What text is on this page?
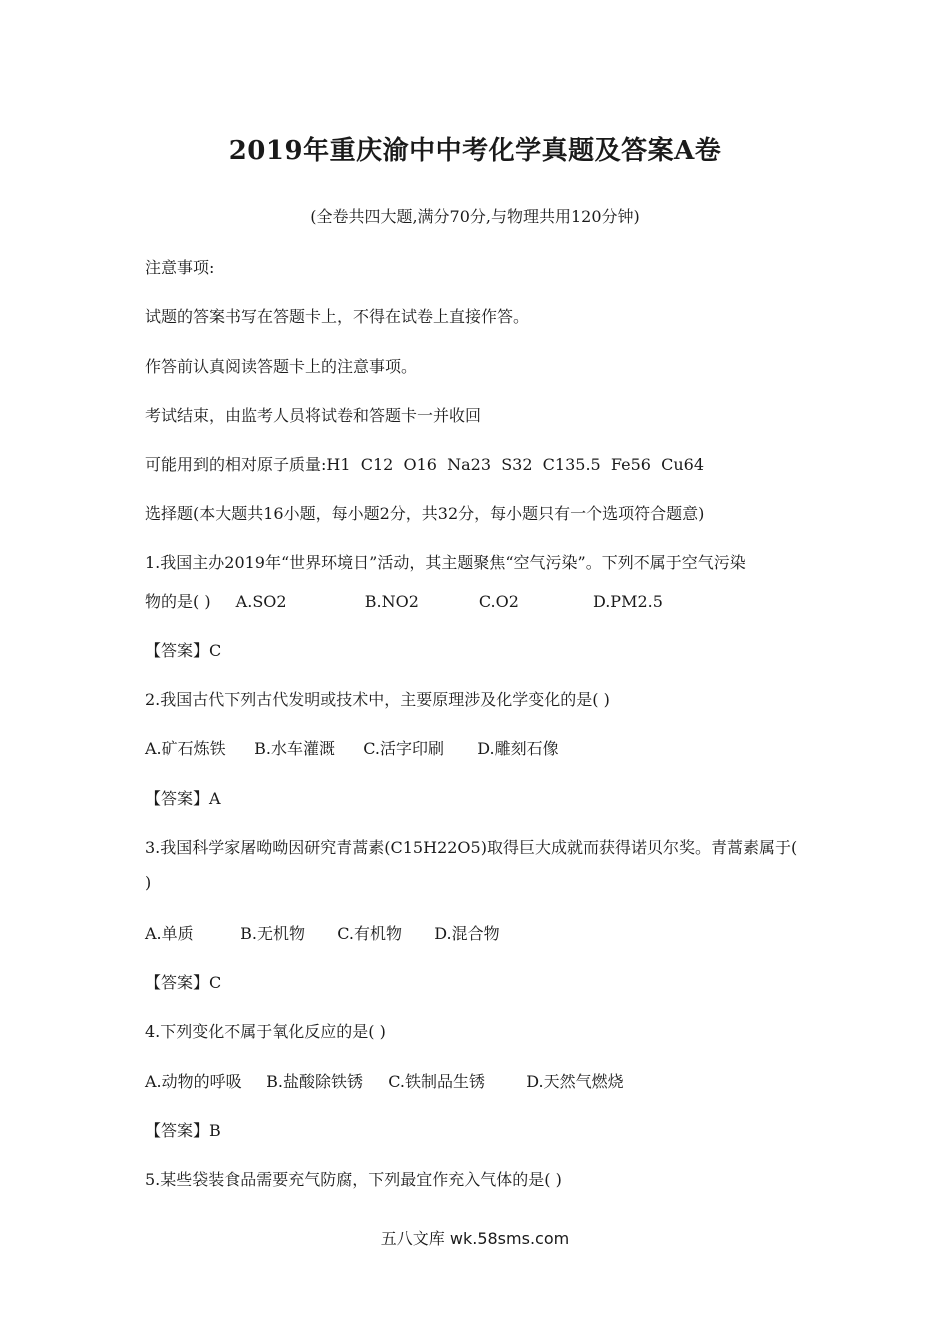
2019年重庆渝中中考化学真题及答案A卷
(全卷共四大题,满分70分,与物理共用120分钟)
注意事项:
试题的答案书写在答题卡上，不得在试卷上直接作答。
作答前认真阅读答题卡上的注意事项。
考试结束，由监考人员将试卷和答题卡一并收回
可能用到的相对原子质量:H1  C12  O16  Na23  S32  C135.5  Fe56  Cu64
选择题(本大题共16小题，每小题2分，共32分，每小题只有一个选项符合题意)
1.我国主办2019年“世界环境日”活动，其主题聚焦“空气污染”。下列不属于空气污染
物的是( ) A.SO2	B.NO2	C.O2	D.PM2.5
【答案】C
2.我国古代下列古代发明或技术中，主要原理涉及化学变化的是( )
A.矿石炼铁 B.水车灌溉 C.活字印刷 D.雕刻石像
【答案】A
3.我国科学家屠呦呦因研究青蒿素(C15H22O5)取得巨大成就而获得诺贝尔奖。青蒿素属于(
)
A.单质	B.无机物 C.有机物 D.混合物
【答案】C
4.下列变化不属于氧化反应的是( )
A.动物的呼吸 B.盐酸除铁锈 C.铁制品生锈	D.天然气燃烧
【答案】B
5.某些袋装食品需要充气防腐，下列最宜作充入气体的是( )
五八文库 wk.58sms.com
